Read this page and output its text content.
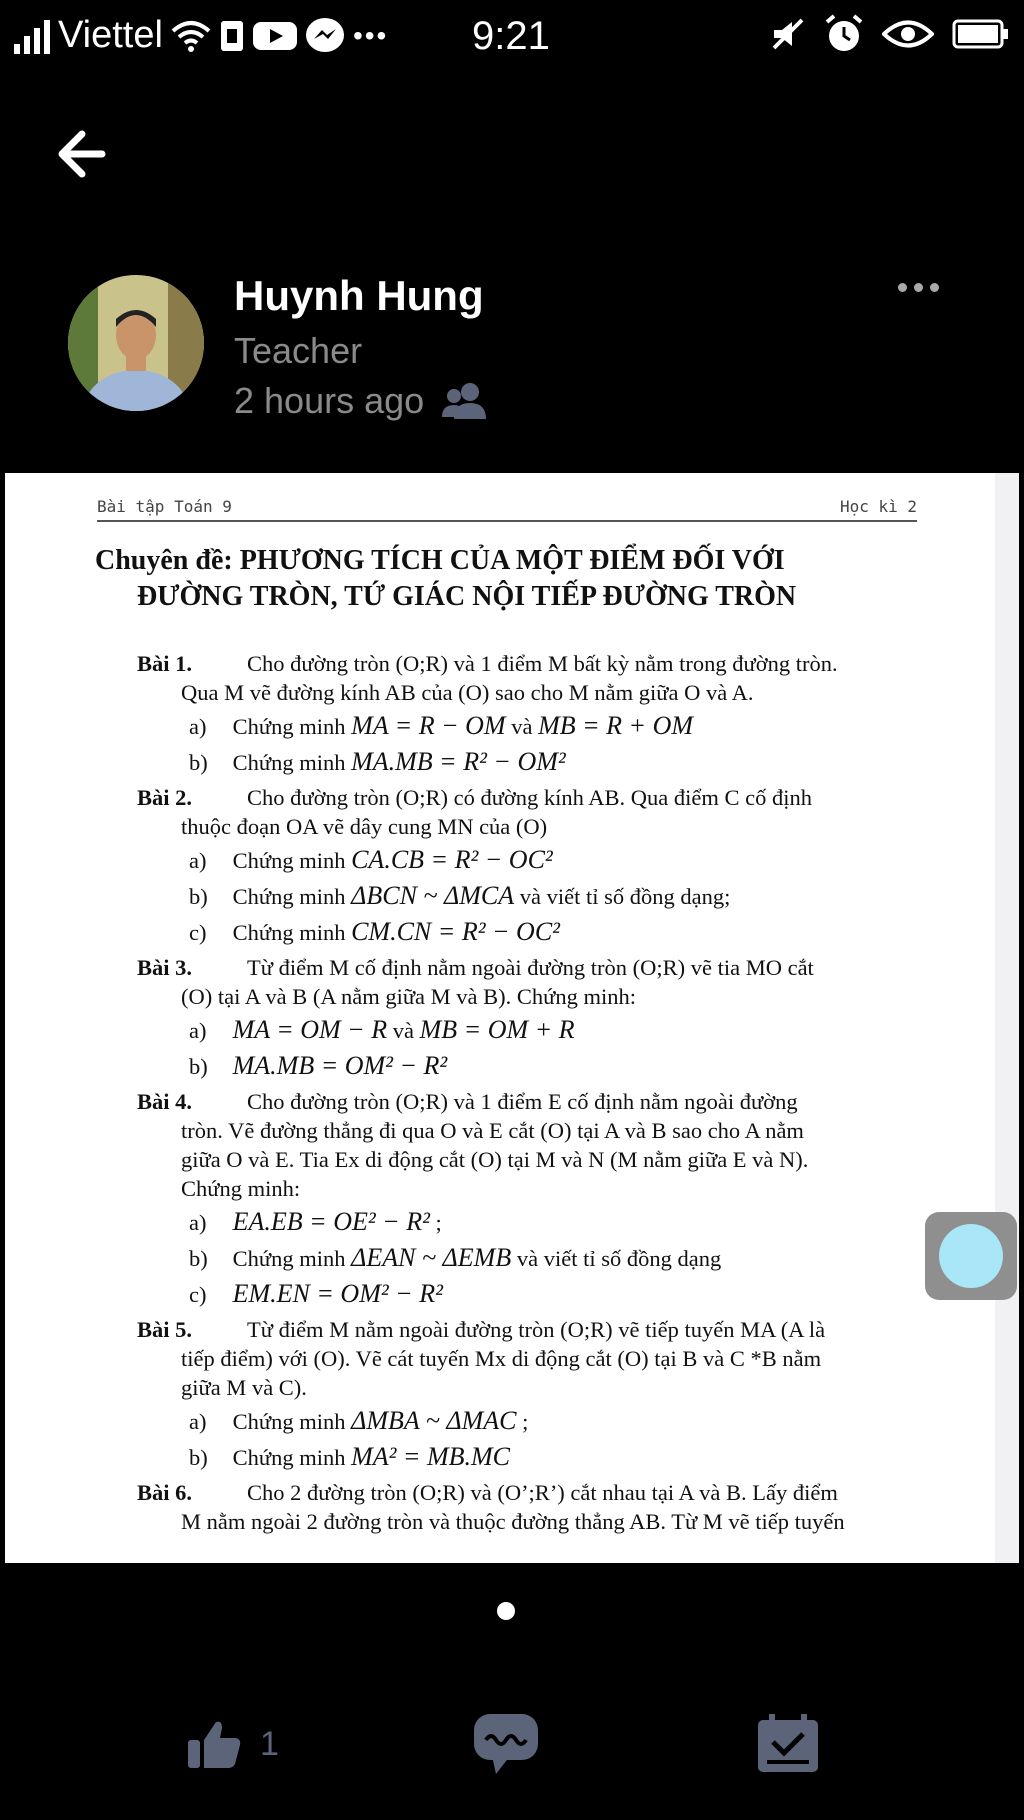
Viettel	••• 9:21
Huynh Hung
Teacher
2 hours ago
Bài tập Toán 9	Học kì 2
Chuyên đề: PHƯƠNG TÍCH CỦA MỘT ĐIỂM ĐỐI VỚI
ĐƯỜNG TRÒN, TỨ GIÁC NỘI TIẾP ĐƯỜNG TRÒN
Bài 1. Cho đường tròn (O;R) và 1 điểm M bất kỳ nằm trong đường tròn.
Qua M vẽ đường kính AB của (O) sao cho M nằm giữa O và A.
a) Chứng minh MA = R − OM và MB = R + OM
b) Chứng minh MA.MB = R² − OM²
Bài 2. Cho đường tròn (O;R) có đường kính AB. Qua điểm C cố định
thuộc đoạn OA vẽ dây cung MN của (O)
a) Chứng minh CA.CB = R² − OC²
b) Chứng minh ΔBCN ~ ΔMCA và viết tỉ số đồng dạng;
c) Chứng minh CM.CN = R² − OC²
Bài 3. Từ điểm M cố định nằm ngoài đường tròn (O;R) vẽ tia MO cắt
(O) tại A và B (A nằm giữa M và B). Chứng minh:
a) MA = OM − R và MB = OM + R
b) MA.MB = OM² − R²
Bài 4. Cho đường tròn (O;R) và 1 điểm E cố định nằm ngoài đường
tròn. Vẽ đường thẳng đi qua O và E cắt (O) tại A và B sao cho A nằm
giữa O và E. Tia Ex di động cắt (O) tại M và N (M nằm giữa E và N).
Chứng minh:
a) EA.EB = OE² − R² ;
b) Chứng minh ΔEAN ~ ΔEMB và viết tỉ số đồng dạng
c) EM.EN = OM² − R²
Bài 5. Từ điểm M nằm ngoài đường tròn (O;R) vẽ tiếp tuyến MA (A là
tiếp điểm) với (O). Vẽ cát tuyến Mx di động cắt (O) tại B và C *B nằm
giữa M và C).
a) Chứng minh ΔMBA ~ ΔMAC ;
b) Chứng minh MA² = MB.MC
Bài 6. Cho 2 đường tròn (O;R) và (O’;R’) cắt nhau tại A và B. Lấy điểm
M nằm ngoài 2 đường tròn và thuộc đường thẳng AB. Từ M vẽ tiếp tuyến
1
